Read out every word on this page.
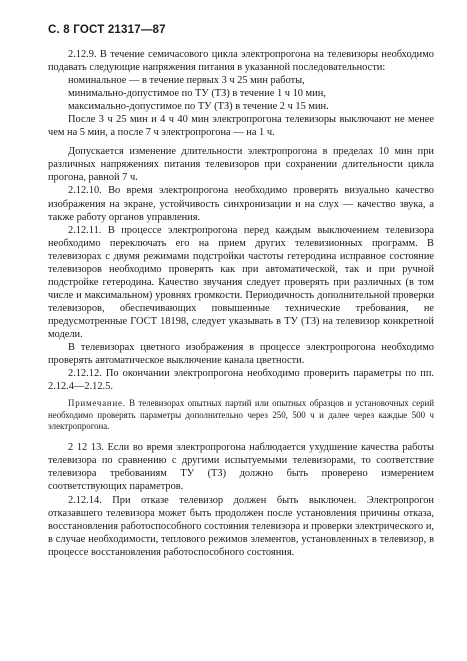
С. 8 ГОСТ 21317—87

2.12.9. В течение семичасового цикла электропрогона на телевизоры необходимо подавать следующие напряжения питания в указанной последовательности:

номинальное — в течение первых 3 ч 25 мин работы,
минимально-допустимое по ТУ (ТЗ) в течение 1 ч 10 мин,
максимально-допустимое по ТУ (ТЗ) в течение 2 ч 15 мин.

После 3 ч 25 мин и 4 ч 40 мин электропрогона телевизоры выключают не менее чем на 5 мин, а после 7 ч электропрогона — на 1 ч.

Допускается изменение длительности электропрогона в пределах 10 мин при различных напряжениях питания телевизоров при сохранении длительности цикла прогона, равной 7 ч.

2.12.10. Во время электропрогона необходимо проверять визуально качество изображения на экране, устойчивость синхронизации и на слух — качество звука, а также работу органов управления.

2.12.11. В процессе электропрогона перед каждым выключением телевизора необходимо переключать его на прием других телевизионных программ. В телевизорах с двумя режимами подстройки частоты гетеродина исправное состояние телевизоров необходимо проверять как при автоматической, так и при ручной подстройке гетеродина. Качество звучания следует проверять при различных (в том числе и максимальном) уровнях громкости. Периодичность дополнительной проверки телевизоров, обеспечивающих повышенные технические требования, не предусмотренные ГОСТ 18198, следует указывать в ТУ (ТЗ) на телевизор конкретной модели.

В телевизорах цветного изображения в процессе электропрогона необходимо проверять автоматическое выключение канала цветности.

2.12.12. По окончании электропрогона необходимо проверить параметры по пп. 2.12.4—2.12.5.

Примечание. В телевизорах опытных партий или опытных образцов и установочных серий необходимо проверять параметры дополнительно через 250, 500 ч и далее через каждые 500 ч электропрогона.

2 12 13. Если во время электропрогона наблюдается ухудшение качества работы телевизора по сравнению с другими испытуемыми телевизорами, то соответствие телевизора требованиям ТУ (ТЗ) должно быть проверено измерением соответствующих параметров.

2.12.14. При отказе телевизор должен быть выключен. Электропрогон отказавшего телевизора может быть продолжен после установления причины отказа, восстановления работоспособного состояния телевизора и проверки электрического и, в случае необходимости, теплового режимов элементов, установленных в телевизор, в процессе восстановления работоспособного состояния.
